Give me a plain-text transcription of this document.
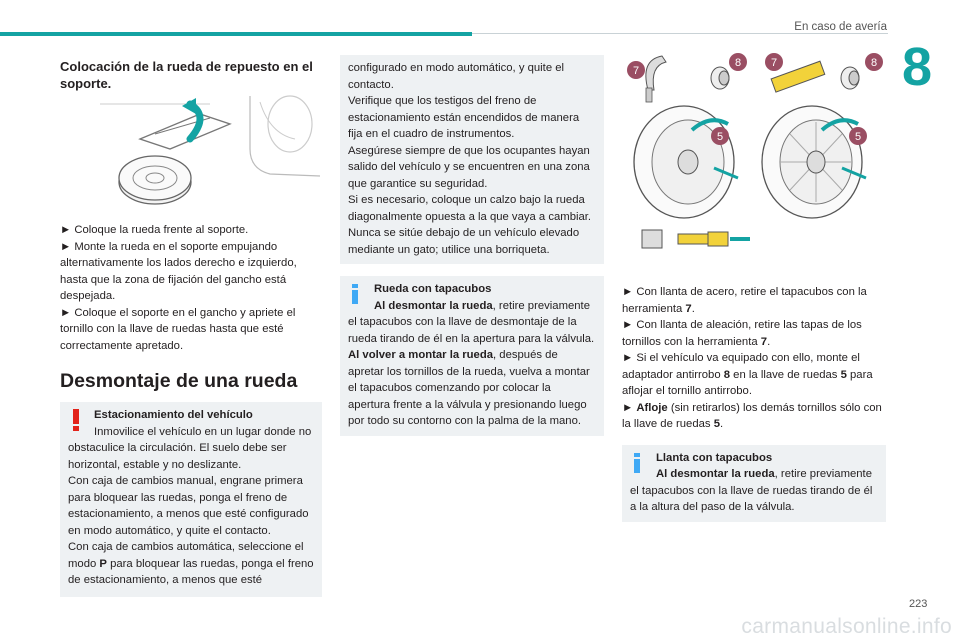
En caso de avería
8

Colocación de la rueda de repuesto en el soporte.

► Coloque la rueda frente al soporte.

► Monte la rueda en el soporte empujando alternativamente los lados derecho e izquierdo, hasta que la zona de fijación del gancho está despejada.

► Coloque el soporte en el gancho y apriete el tornillo con la llave de ruedas hasta que esté correctamente apretado.

Desmontaje de una rueda

Estacionamiento del vehículo

Inmovilice el vehículo en un lugar donde no obstaculice la circulación. El suelo debe ser horizontal, estable y no deslizante.

Con caja de cambios manual, engrane primera para bloquear las ruedas, ponga el freno de estacionamiento, a menos que esté configurado en modo automático, y quite el contacto.

Con caja de cambios automática, seleccione el modo P para bloquear las ruedas, ponga el freno de estacionamiento, a menos que esté

configurado en modo automático, y quite el contacto.

Verifique que los testigos del freno de estacionamiento están encendidos de manera fija en el cuadro de instrumentos.

Asegúrese siempre de que los ocupantes hayan salido del vehículo y se encuentren en una zona que garantice su seguridad.

Si es necesario, coloque un calzo bajo la rueda diagonalmente opuesta a la que vaya a cambiar.

Nunca se sitúe debajo de un vehículo elevado mediante un gato; utilice una borriqueta.

Rueda con tapacubos

Al desmontar la rueda, retire previamente el tapacubos con la llave de desmontaje de la rueda tirando de él en la apertura para la válvula.

Al volver a montar la rueda, después de apretar los tornillos de la rueda, vuelva a montar el tapacubos comenzando por colocar la apertura frente a la válvula y presionando luego por todo su contorno con la palma de la mano.

7
8	7	8
5	5

► Con llanta de acero, retire el tapacubos con la herramienta 7.

► Con llanta de aleación, retire las tapas de los tornillos con la herramienta 7.

► Si el vehículo va equipado con ello, monte el adaptador antirrobo 8 en la llave de ruedas 5 para aflojar el tornillo antirrobo.

► Afloje (sin retirarlos) los demás tornillos sólo con la llave de ruedas 5.

Llanta con tapacubos

Al desmontar la rueda, retire previamente el tapacubos con la llave de ruedas tirando de él a la altura del paso de la válvula.

223
carmanualsonline.info
